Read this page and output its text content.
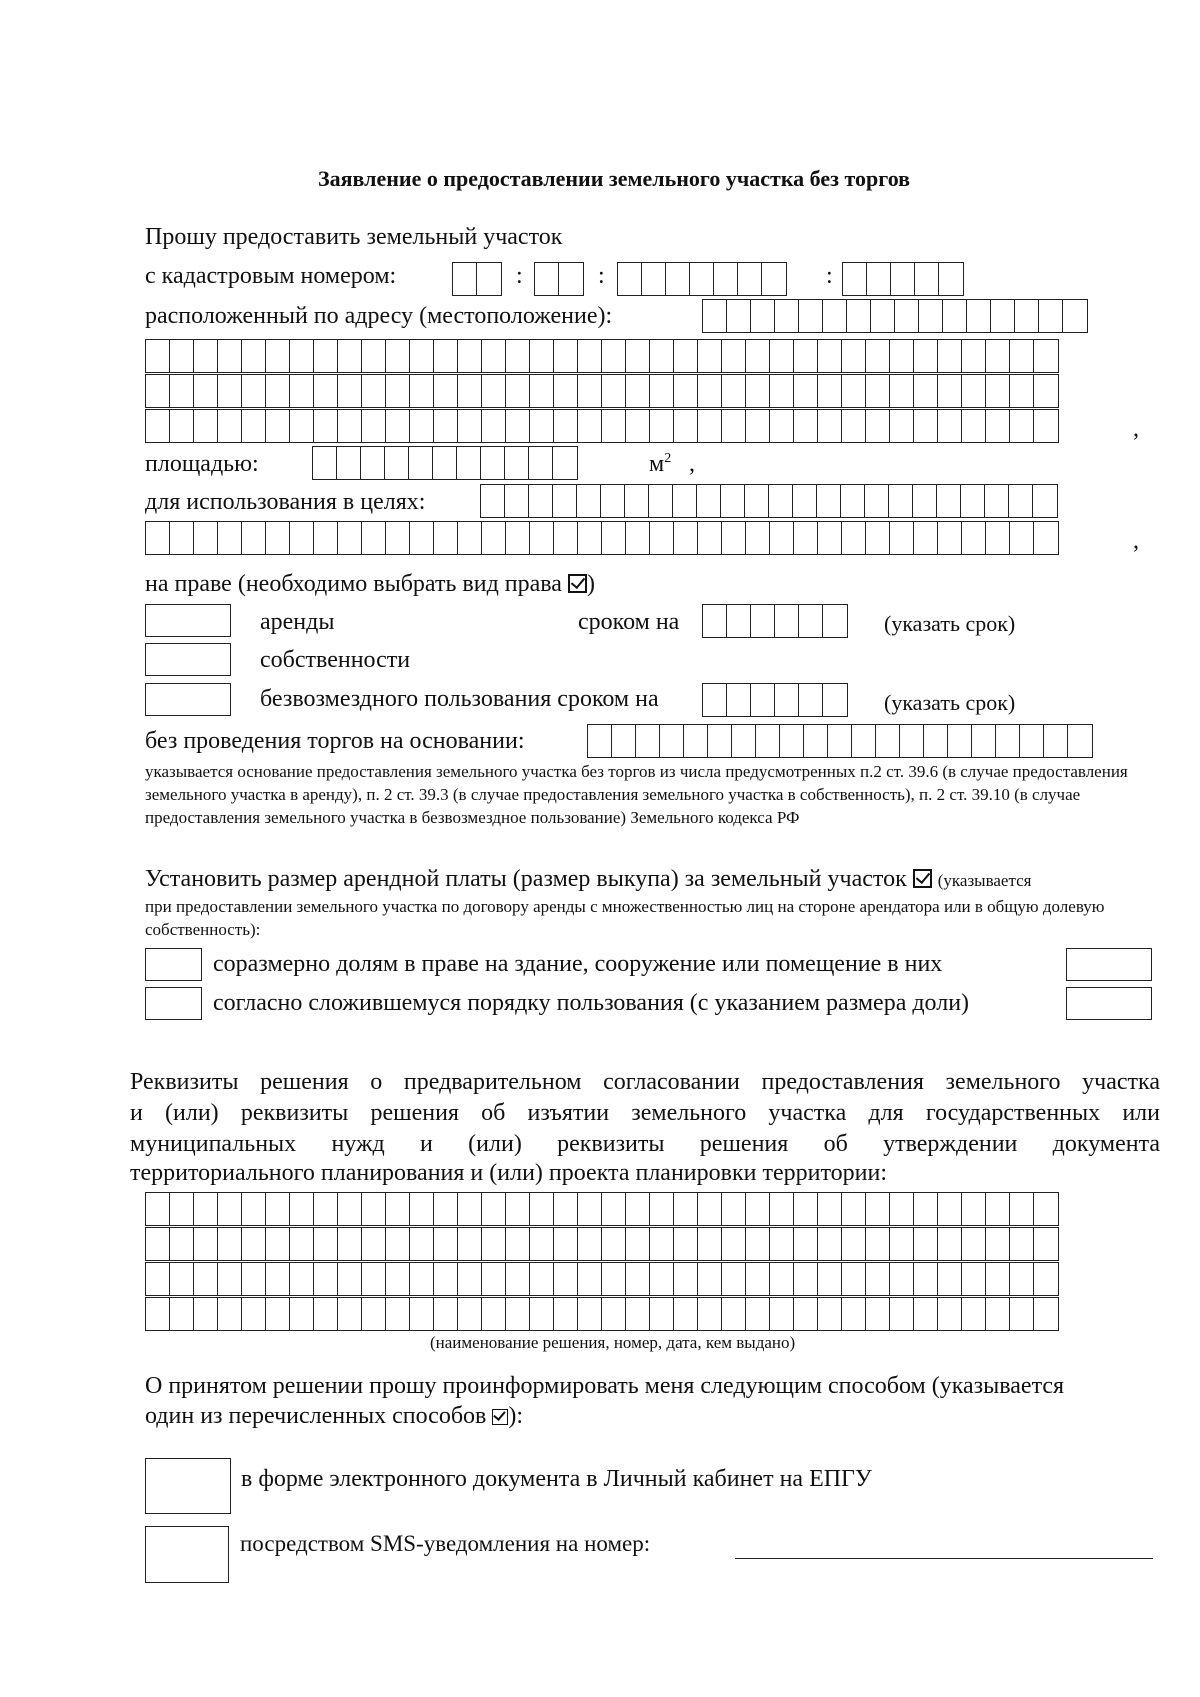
Заявление о предоставлении земельного участка без торгов
Прошу предоставить земельный участок
с кадастровым номером:	:	:	:
расположенный по адресу (местоположение):
,
площадью:	$м^2$ ,
для использования в целях:
,
на праве (необходимо выбрать вид права )
аренды	сроком на	(указать срок)
собственности
безвозмездного пользования сроком на	(указать срок)
без проведения торгов на основании:
указывается основание предоставления земельного участка без торгов из числа предусмотренных п.2 ст. 39.6 (в случае предоставления земельного участка в аренду), п. 2 ст. 39.3 (в случае предоставления земельного участка в собственность), п. 2 ст. 39.10 (в случае предоставления земельного участка в безвозмездное пользование) Земельного кодекса РФ
Установить размер арендной платы (размер выкупа) за земельный участок (указывается
при предоставлении земельного участка по договору аренды с множественностью лиц на стороне арендатора или в общую долевую собственность):
соразмерно долям в праве на здание, сооружение или помещение в них
согласно сложившемуся порядку пользования (с указанием размера доли)
Реквизиты решения о предварительном согласовании предоставления земельного участка
и (или) реквизиты решения об изъятии земельного участка для государственных или
муниципальных нужд и (или) реквизиты решения об утверждении документа
территориального планирования и (или) проекта планировки территории:
(наименование решения, номер, дата, кем выдано)
О принятом решении прошу проинформировать меня следующим способом (указывается
один из перечисленных способов ):
в форме электронного документа в Личный кабинет на ЕПГУ
посредством SMS-уведомления на номер:
